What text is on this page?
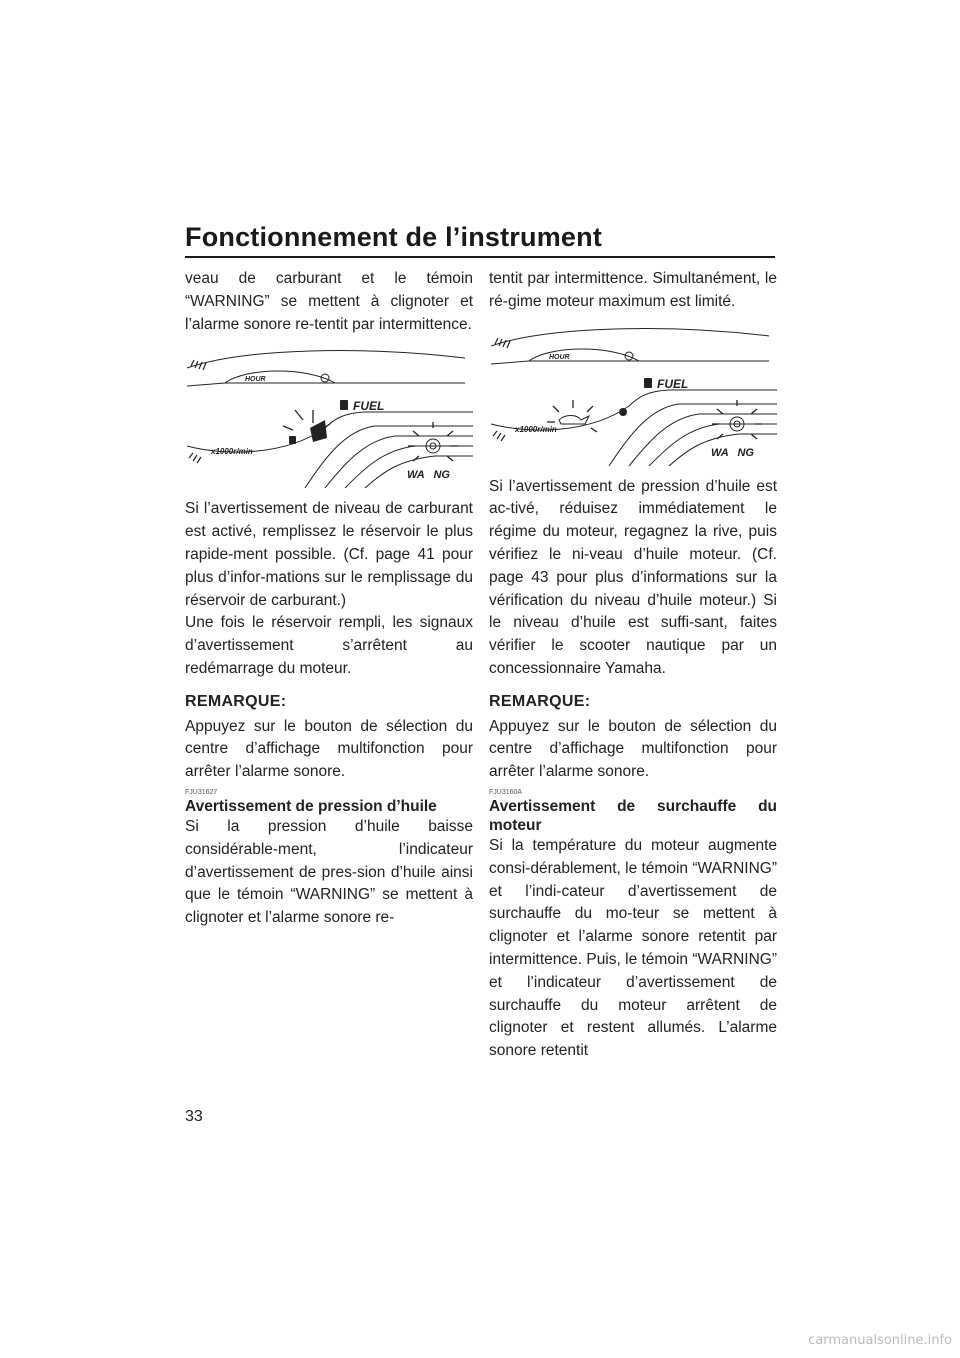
Fonctionnement de l’instrument

veau de carburant et le témoin “WARNING” se mettent à clignoter et l’alarme sonore re-tentit par intermittence.

HOUR
FUEL
x1000r/min
WA   NG

Si l’avertissement de niveau de carburant est activé, remplissez le réservoir le plus rapide-ment possible. (Cf. page 41 pour plus d’infor-mations sur le remplissage du réservoir de carburant.)

Une fois le réservoir rempli, les signaux d’avertissement s’arrêtent au redémarrage du moteur.

REMARQUE:

Appuyez sur le bouton de sélection du centre d’affichage multifonction pour arrêter l’alarme sonore.

FJU31627

Avertissement de pression d’huile

Si la pression d’huile baisse considérable-ment, l’indicateur d’avertissement de pres-sion d’huile ainsi que le témoin “WARNING” se mettent à clignoter et l’alarme sonore re-

tentit par intermittence. Simultanément, le ré-gime moteur maximum est limité.

HOUR
FUEL
x1000r/min
WA   NG

Si l’avertissement de pression d’huile est ac-tivé, réduisez immédiatement le régime du moteur, regagnez la rive, puis vérifiez le ni-veau d’huile moteur. (Cf. page 43 pour plus d’informations sur la vérification du niveau d’huile moteur.) Si le niveau d’huile est suffi-sant, faites vérifier le scooter nautique par un concessionnaire Yamaha.

REMARQUE:

Appuyez sur le bouton de sélection du centre d’affichage multifonction pour arrêter l’alarme sonore.

FJU3160A

Avertissement de surchauffe du moteur

Si la température du moteur augmente consi-dérablement, le témoin “WARNING” et l’indi-cateur d’avertissement de surchauffe du mo-teur se mettent à clignoter et l’alarme sonore retentit par intermittence. Puis, le témoin “WARNING” et l’indicateur d’avertissement de surchauffe du moteur arrêtent de clignoter et restent allumés. L’alarme sonore retentit

33
carmanualsonline.info
